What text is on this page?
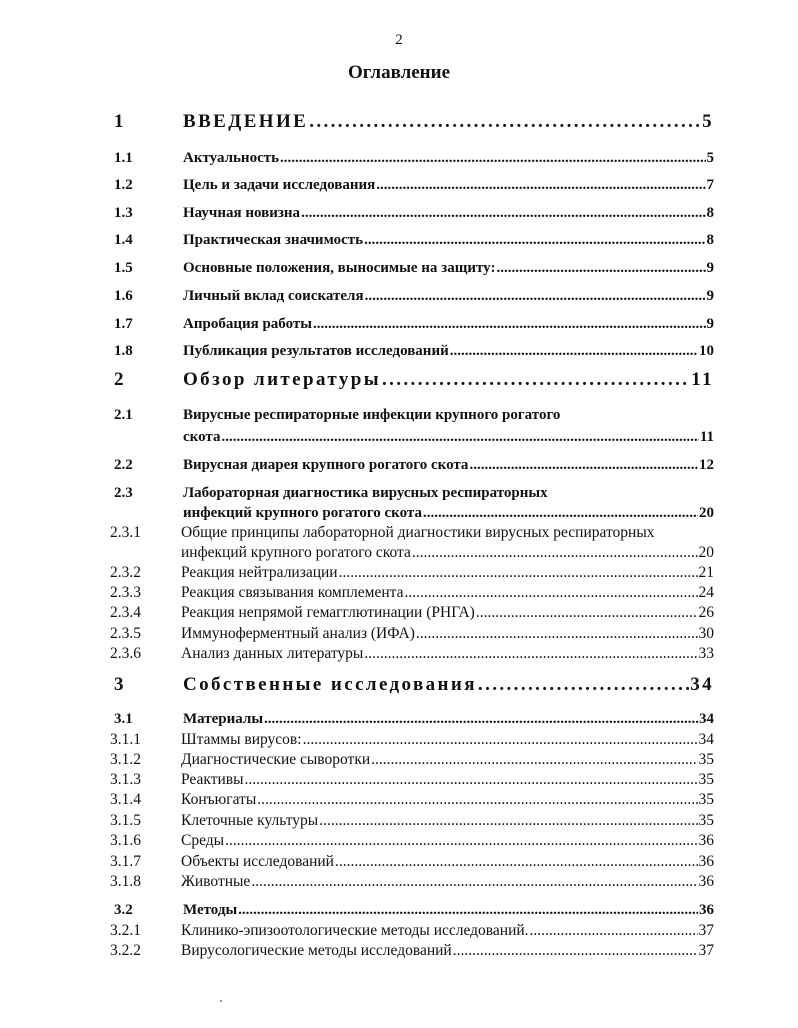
2
Оглавление
1	ВВЕДЕНИЕ .....	5
1.1	Актуальность .....	5
1.2	Цель и задачи исследования .....	7
1.3	Научная новизна .....	8
1.4	Практическая значимость .....	8
1.5	Основные положения, выносимые на защиту: .....	9
1.6	Личный вклад соискателя .....	9
1.7	Апробация работы .....	9
1.8	Публикация результатов исследований .....	10
2	Обзор литературы .....	11
2.1	Вирусные респираторные инфекции крупного рогатого
скота .....	11
2.2	Вирусная диарея крупного рогатого скота .....	12
2.3	Лабораторная диагностика вирусных респираторных
инфекций крупного рогатого скота .....	20
2.3.1	Общие принципы лабораторной диагностики вирусных респираторных
инфекций крупного рогатого скота .....	20
2.3.2	Реакция нейтрализации .....	21
2.3.3	Реакция связывания комплемента .....	24
2.3.4	Реакция непрямой гемагглютинации (РНГА) .....	26
2.3.5	Иммуноферментный анализ (ИФА) .....	30
2.3.6	Анализ данных литературы .....	33
3	Собственные исследования .....	34
3.1	Материалы .....	34
3.1.1	Штаммы вирусов: .....	34
3.1.2	Диагностические сыворотки .....	35
3.1.3	Реактивы .....	35
3.1.4	Конъюгаты .....	35
3.1.5	Клеточные культуры .....	35
3.1.6	Среды .....	36
3.1.7	Объекты исследований .....	36
3.1.8	Животные .....	36
3.2	Методы .....	36
3.2.1	Клинико-эпизоотологические методы исследований. .....	37
3.2.2	Вирусологические методы исследований .....	37
